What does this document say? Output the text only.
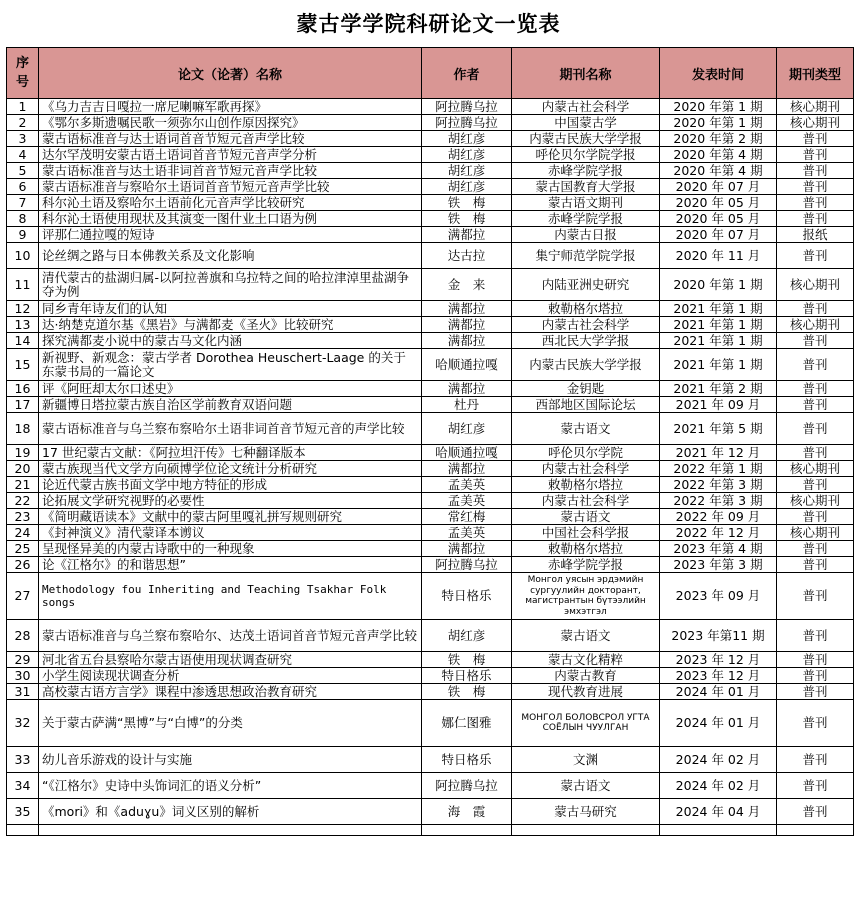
蒙古学学院科研论文一览表
序
号	论文（论著）名称	作者	期刊名称	发表时间	期刊类型
1	《乌力吉吉日嘎拉一席尼喇嘛军歌再探》	阿拉腾乌拉	内蒙古社会科学	2020 年第 1 期	核心期刊
2	《鄂尔多斯遗嘱民歌一须弥尔山创作原因探究》	阿拉腾乌拉	中国蒙古学	2020 年第 1 期	核心期刊
3	蒙古语标准音与达士语词首音节短元音声学比较	胡红彦	内蒙古民族大学学报	2020 年第 2 期	普刊
4	达尔罕茂明安蒙古语土语词首音节短元音声学分析	胡红彦	呼伦贝尔学院学报	2020 年第 4 期	普刊
5	蒙古语标准音与达土语非词首音节短元音声学比较	胡红彦	赤峰学院学报	2020 年第 4 期	普刊
6	蒙古语标准音与察哈尔土语词首音节短元音声学比较	胡红彦	蒙古国教育大学报	2020 年 07 月	普刊
7	科尔沁土语及察哈尔土语前化元音声学比较研究	铁　梅	蒙古语文期刊	2020 年 05 月	普刊
8	科尔沁土语使用现状及其演变一图什业土口语为例	铁　梅	赤峰学院学报	2020 年 05 月	普刊
9	评那仁通拉嘎的短诗	满都拉	内蒙古日报	2020 年 07 月	报纸
10	论丝绸之路与日本佛教关系及文化影响	达古拉	集宁师范学院学报	2020 年 11 月	普刊
11	清代蒙古的盐湖归属-以阿拉善旗和乌拉特之间的哈拉津淖里盐湖争夺为例	金　来	内陆亚洲史研究	2020 年第 1 期	核心期刊
12	同乡青年诗友们的认知	满都拉	敕勒格尔塔拉	2021 年第 1 期	普刊
13	达·纳楚克道尔基《黑岩》与满都麦《圣火》比较研究	满都拉	内蒙古社会科学	2021 年第 1 期	核心期刊
14	探究满都麦小说中的蒙古马文化内涵	满都拉	西北民大学学报	2021 年第 1 期	普刊
15	新视野、新观念：蒙古学者 Dorothea Heuschert-Laage 的关于东蒙书局的一篇论文	哈顺通拉嘎	内蒙古民族大学学报	2021 年第 1 期	普刊
16	评《阿旺却太尔口述史》	满都拉	金钥匙	2021 年第 2 期	普刊
17	新疆博日塔拉蒙古族自治区学前教育双语问题	杜丹	西部地区国际论坛	2021 年 09 月	普刊
18	蒙古语标准音与乌兰察布察哈尔土语非词首音节短元音的声学比较	胡红彦	蒙古语文	2021 年第 5 期	普刊
19	17 世纪蒙古文献：《阿拉坦汗传》七种翻译版本	哈顺通拉嘎	呼伦贝尔学院	2021 年 12 月	普刊
20	蒙古族现当代文学方向硕博学位论文统计分析研究	满都拉	内蒙古社会科学	2022 年第 1 期	核心期刊
21	论近代蒙古族书面文学中地方特征的形成	孟美英	敕勒格尔塔拉	2022 年第 3 期	普刊
22	论拓展文学研究视野的必要性	孟美英	内蒙古社会科学	2022 年第 3 期	核心期刊
23	《简明藏语读本》文献中的蒙古阿里嘎礼拼写规则研究	常红梅	蒙古语文	2022 年 09 月	普刊
24	《封神演义》清代蒙译本谫议	孟美英	中国社会科学报	2022 年 12 月	核心期刊
25	呈现怪异美的内蒙古诗歌中的一种现象	满都拉	敕勒格尔塔拉	2023 年第 4 期	普刊
26	论《江格尔》的和谐思想”	阿拉腾乌拉	赤峰学院学报	2023 年第 3 期	普刊
27	Methodology fou Inheriting and Teaching Tsakhar Folk songs	特日格乐	Монгол уясын эрдэмийн сургуулийн докторант, магистрантын бүтээлийн эмхэтгэл	2023 年 09 月	普刊
28	蒙古语标准音与乌兰察布察哈尔、达茂土语词首音节短元音声学比较	胡红彦	蒙古语文	2023 年第11 期	普刊
29	河北省五台县察哈尔蒙古语使用现状调查研究	铁　梅	蒙古文化精粹	2023 年 12 月	普刊
30	小学生阅读现状调查分析	特日格乐	内蒙古教育	2023 年 12 月	普刊
31	高校蒙古语方言学》课程中渗透思想政治教育研究	铁　梅	现代教育进展	2024 年 01 月	普刊
32	关于蒙古萨满“黑博”与“白博”的分类	娜仁图雅	МОНГОЛ БОЛОВСРОЛ УГТА СОЁЛЫН ЧУУЛГАН	2024 年 01 月	普刊
33	幼儿音乐游戏的设计与实施	特日格乐	文渊	2024 年 02 月	普刊
34	“《江格尔》史诗中头饰词汇的语义分析”	阿拉腾乌拉	蒙古语文	2024 年 02 月	普刊
35	《mori》和《aduɣu》词义区别的解析	海　霞	蒙古马研究	2024 年 04 月	普刊
